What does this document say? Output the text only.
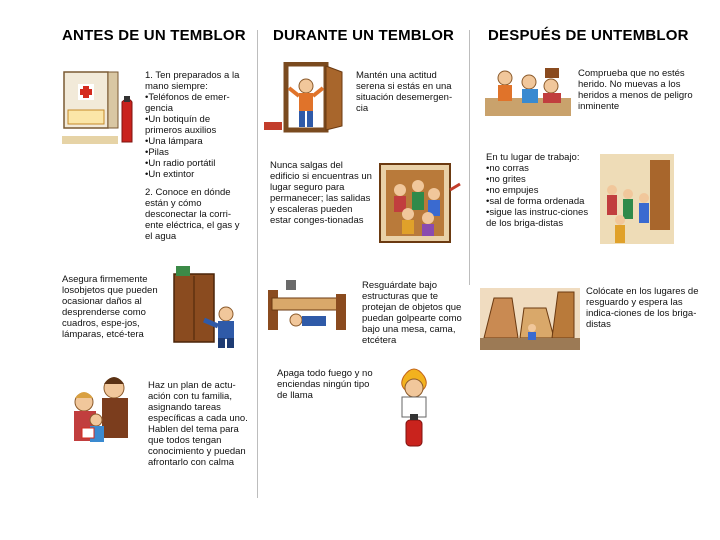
ANTES DE UN TEMBLOR DURANTE UN TEMBLOR DESPUÉS DE UNTEMBLOR

1. Ten preparados a la mano siempre:

• Teléfonos de emer-gencia
• Un botiquín de primeros auxilios
• Una lámpara
• Pilas
• Un radio portátil
• Un extintor

2. Conoce en dónde están y cómo desconectar la corri-ente eléctrica, el gas y el agua

Asegura firmemente losobjetos que pueden ocasionar daños al desprenderse como cuadros, espe-jos, lámparas, etcé-tera

Haz un plan de actu-ación con tu familia, asignando tareas específicas a cada uno.

Hablen del tema para que todos tengan conocimiento y puedan afrontarlo con calma

Mantén una actitud serena si estás en una situación desemergen-cia

Nunca salgas del edificio si encuentras un lugar seguro para permanecer; las salidas y escaleras pueden estar conges-tionadas

Resguárdate bajo estructuras que te protejan de objetos que puedan golpearte como bajo una mesa, cama, etcétera

Apaga todo fuego y no enciendas ningún tipo de llama

Comprueba que no estés herido. No muevas a los heridos a menos de peligro inminente

En tu lugar de trabajo:

• no corras
• no grites
• no empujes
• sal de forma ordenada
• sigue las instruc-ciones de los briga-distas

Colócate en los lugares de resguardo y espera las indica-ciones de los briga-distas
